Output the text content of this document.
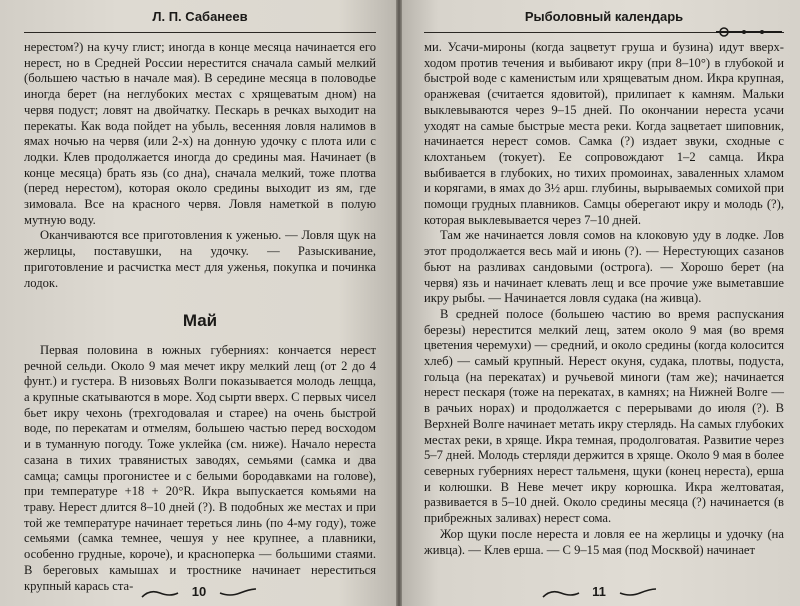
Л. П. Сабанеев

нерестом?) на кучу глист; иногда в конце месяца начинается его нерест, но в Средней России нерестится сначала самый мелкий (большею частью в начале мая). В середине месяца в половодье иногда берет (на неглубоких местах с хрящеватым дном) на червя подуст; ловят на двойчатку. Пескарь в речках выходит на перекаты. Как вода пойдет на убыль, весенняя ловля налимов в ямах ночью на червя (или 2-х) на донную удочку с плота или с лодки. Клев продолжается иногда до средины мая. Начинает (в конце месяца) брать язь (со дна), сначала мелкий, тоже плотва (перед нерестом), которая около средины выходит из ям, где зимовала. Все на красного червя. Ловля наметкой в полую мутную воду.

Оканчиваются все приготовления к уженью. — Ловля щук на жерлицы, поставушки, на удочку. — Разыскивание, приготовление и расчистка мест для уженья, покупка и починка лодок.

Май

Первая половина в южных губерниях: кончается нерест речной сельди. Около 9 мая мечет икру мелкий лещ (от 2 до 4 фунт.) и густера. В низовьях Волги показывается молодь лещца, а крупные скатываются в море. Ход сырти вверх. С первых чисел бьет икру чехонь (трехгодовалая и старее) на очень быстрой воде, по перекатам и отмелям, большею частью перед восходом и в туманную погоду. Тоже уклейка (см. ниже). Начало нереста сазана в тихих травянистых заводях, семьями (самка и два самца; самцы прогонистее и с белыми бородавками на голове), при температуре +18 + 20°R. Икра выпускается комьями на траву. Нерест длится 8–10 дней (?). В подобных же местах и при той же температуре начинает тереться линь (по 4-му году), тоже семьями (самка темнее, чешуя у нее крупнее, а плавники, особенно грудные, короче), и красноперка — большими стаями. В береговых камышах и тростнике начинает нереститься крупный карась ста-	10
Рыболовный календарь

ми. Усачи-мироны (когда зацветут груша и бузина) идут вверх-ходом против течения и выбивают икру (при 8–10°) в глубокой и быстрой воде с каменистым или хрящеватым дном. Икра крупная, оранжевая (считается ядовитой), прилипает к камням. Мальки выклевываются через 9–15 дней. По окончании нереста усачи уходят на самые быстрые места реки. Когда зацветает шиповник, начинается нерест сомов. Самка (?) издает звуки, сходные с клохтаньем (токует). Ее сопровождают 1–2 самца. Икра выбивается в глубоких, но тихих промоинах, заваленных хламом и корягами, в ямах до 3½ арш. глубины, вырываемых сомихой при помощи грудных плавников. Самцы оберегают икру и молодь (?), которая выклевывается через 7–10 дней.

Там же начинается ловля сомов на клоковую уду в лодке. Лов этот продолжается весь май и июнь (?). — Нерестующих сазанов бьют на разливах сандовыми (острога). — Хорошо берет (на червя) язь и начинает клевать лещ и все прочие уже выметавшие икру рыбы. — Начинается ловля судака (на живца).

В средней полосе (большею частию во время распускания березы) нерестится мелкий лещ, затем около 9 мая (во время цветения черемухи) — средний, и около средины (когда колосится хлеб) — самый крупный. Нерест окуня, судака, плотвы, подуста, гольца (на перекатах) и ручьевой миноги (там же); начинается нерест пескаря (тоже на перекатах, в камнях; на Нижней Волге — в рачьих норах) и продолжается с перерывами до июля (?). В Верхней Волге начинает метать икру стерлядь. На самых глубоких местах реки, в хряще. Икра темная, продолговатая. Развитие через 5–7 дней. Молодь стерляди держится в хряще. Около 9 мая в более северных губерниях нерест тальменя, щуки (конец нереста), ерша и колюшки. В Неве мечет икру корюшка. Икра желтоватая, развивается в 5–10 дней. Около средины месяца (?) начинается (в прибрежных заливах) нерест сома.

Жор щуки после нереста и ловля ее на жерлицы и удочку (на живца). — Клев ерша. — С 9–15 мая (под Москвой) начинает

11
